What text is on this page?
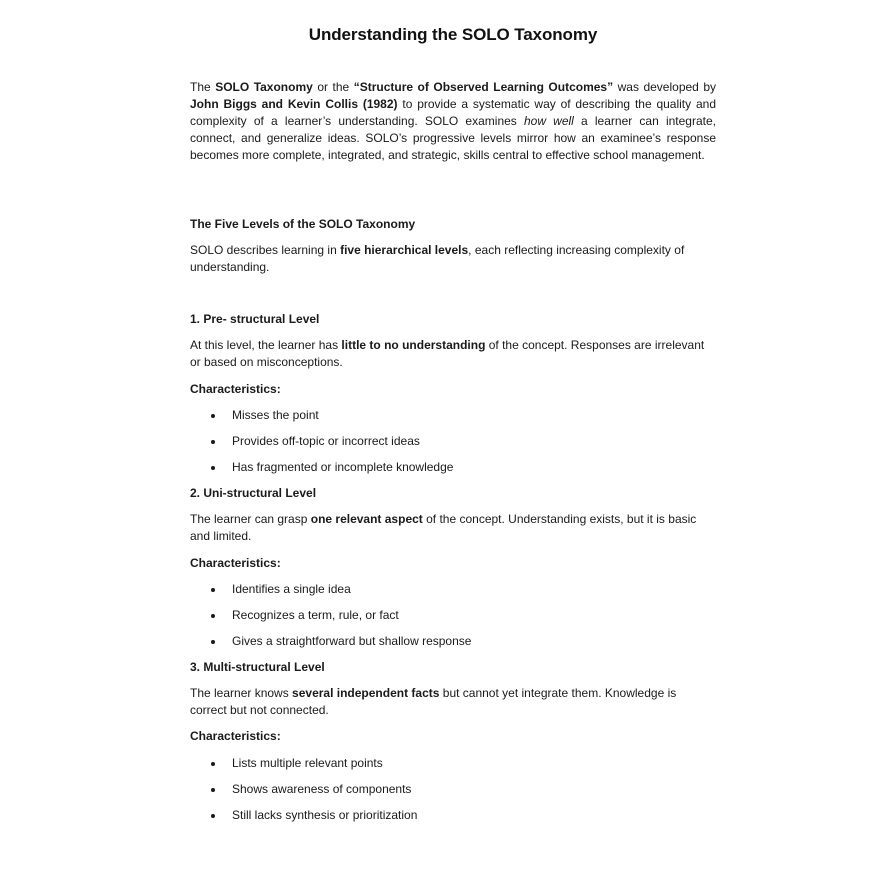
Understanding the SOLO Taxonomy

The SOLO Taxonomy or the “Structure of Observed Learning Outcomes” was developed by John Biggs and Kevin Collis (1982) to provide a systematic way of describing the quality and complexity of a learner’s understanding. SOLO examines how well a learner can integrate, connect, and generalize ideas. SOLO’s progressive levels mirror how an examinee’s response becomes more complete, integrated, and strategic, skills central to effective school management.

The Five Levels of the SOLO Taxonomy

SOLO describes learning in five hierarchical levels, each reflecting increasing complexity of understanding.

1. Pre- structural Level

At this level, the learner has little to no understanding of the concept. Responses are irrelevant or based on misconceptions.

Characteristics:
Misses the point
Provides off-topic or incorrect ideas
Has fragmented or incomplete knowledge
2. Uni-structural Level

The learner can grasp one relevant aspect of the concept. Understanding exists, but it is basic and limited.

Characteristics:
Identifies a single idea
Recognizes a term, rule, or fact
Gives a straightforward but shallow response
3. Multi-structural Level

The learner knows several independent facts but cannot yet integrate them. Knowledge is correct but not connected.

Characteristics:
Lists multiple relevant points
Shows awareness of components
Still lacks synthesis or prioritization
